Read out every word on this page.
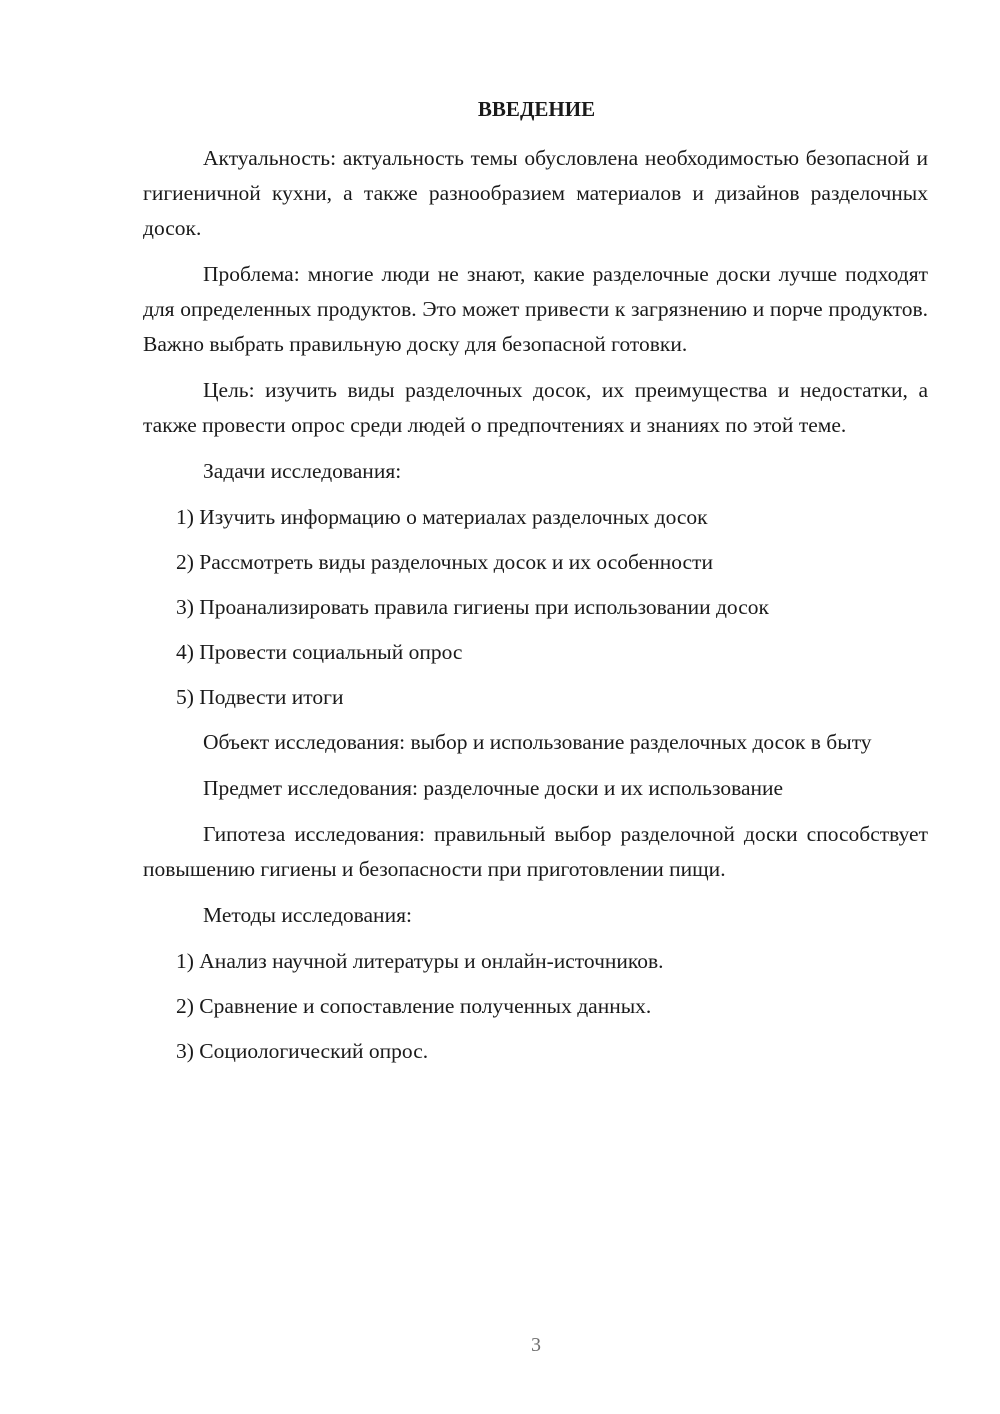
ВВЕДЕНИЕ

Актуальность: актуальность темы обусловлена необходимостью безопасной и гигиеничной кухни, а также разнообразием материалов и дизайнов разделочных досок.

Проблема: многие люди не знают, какие разделочные доски лучше подходят для определенных продуктов. Это может привести к загрязнению и порче продуктов. Важно выбрать правильную доску для безопасной готовки.

Цель: изучить виды разделочных досок, их преимущества и недостатки, а также провести опрос среди людей о предпочтениях и знаниях по этой теме.

Задачи исследования:

1) Изучить информацию о материалах разделочных досок
2) Рассмотреть виды разделочных досок и их особенности
3) Проанализировать правила гигиены при использовании досок
4) Провести социальный опрос
5) Подвести итоги

Объект исследования: выбор и использование разделочных досок в быту

Предмет исследования: разделочные доски и их использование

Гипотеза исследования: правильный выбор разделочной доски способствует повышению гигиены и безопасности при приготовлении пищи.

Методы исследования:

1) Анализ научной литературы и онлайн-источников.
2) Сравнение и сопоставление полученных данных.
3) Социологический опрос.
3
